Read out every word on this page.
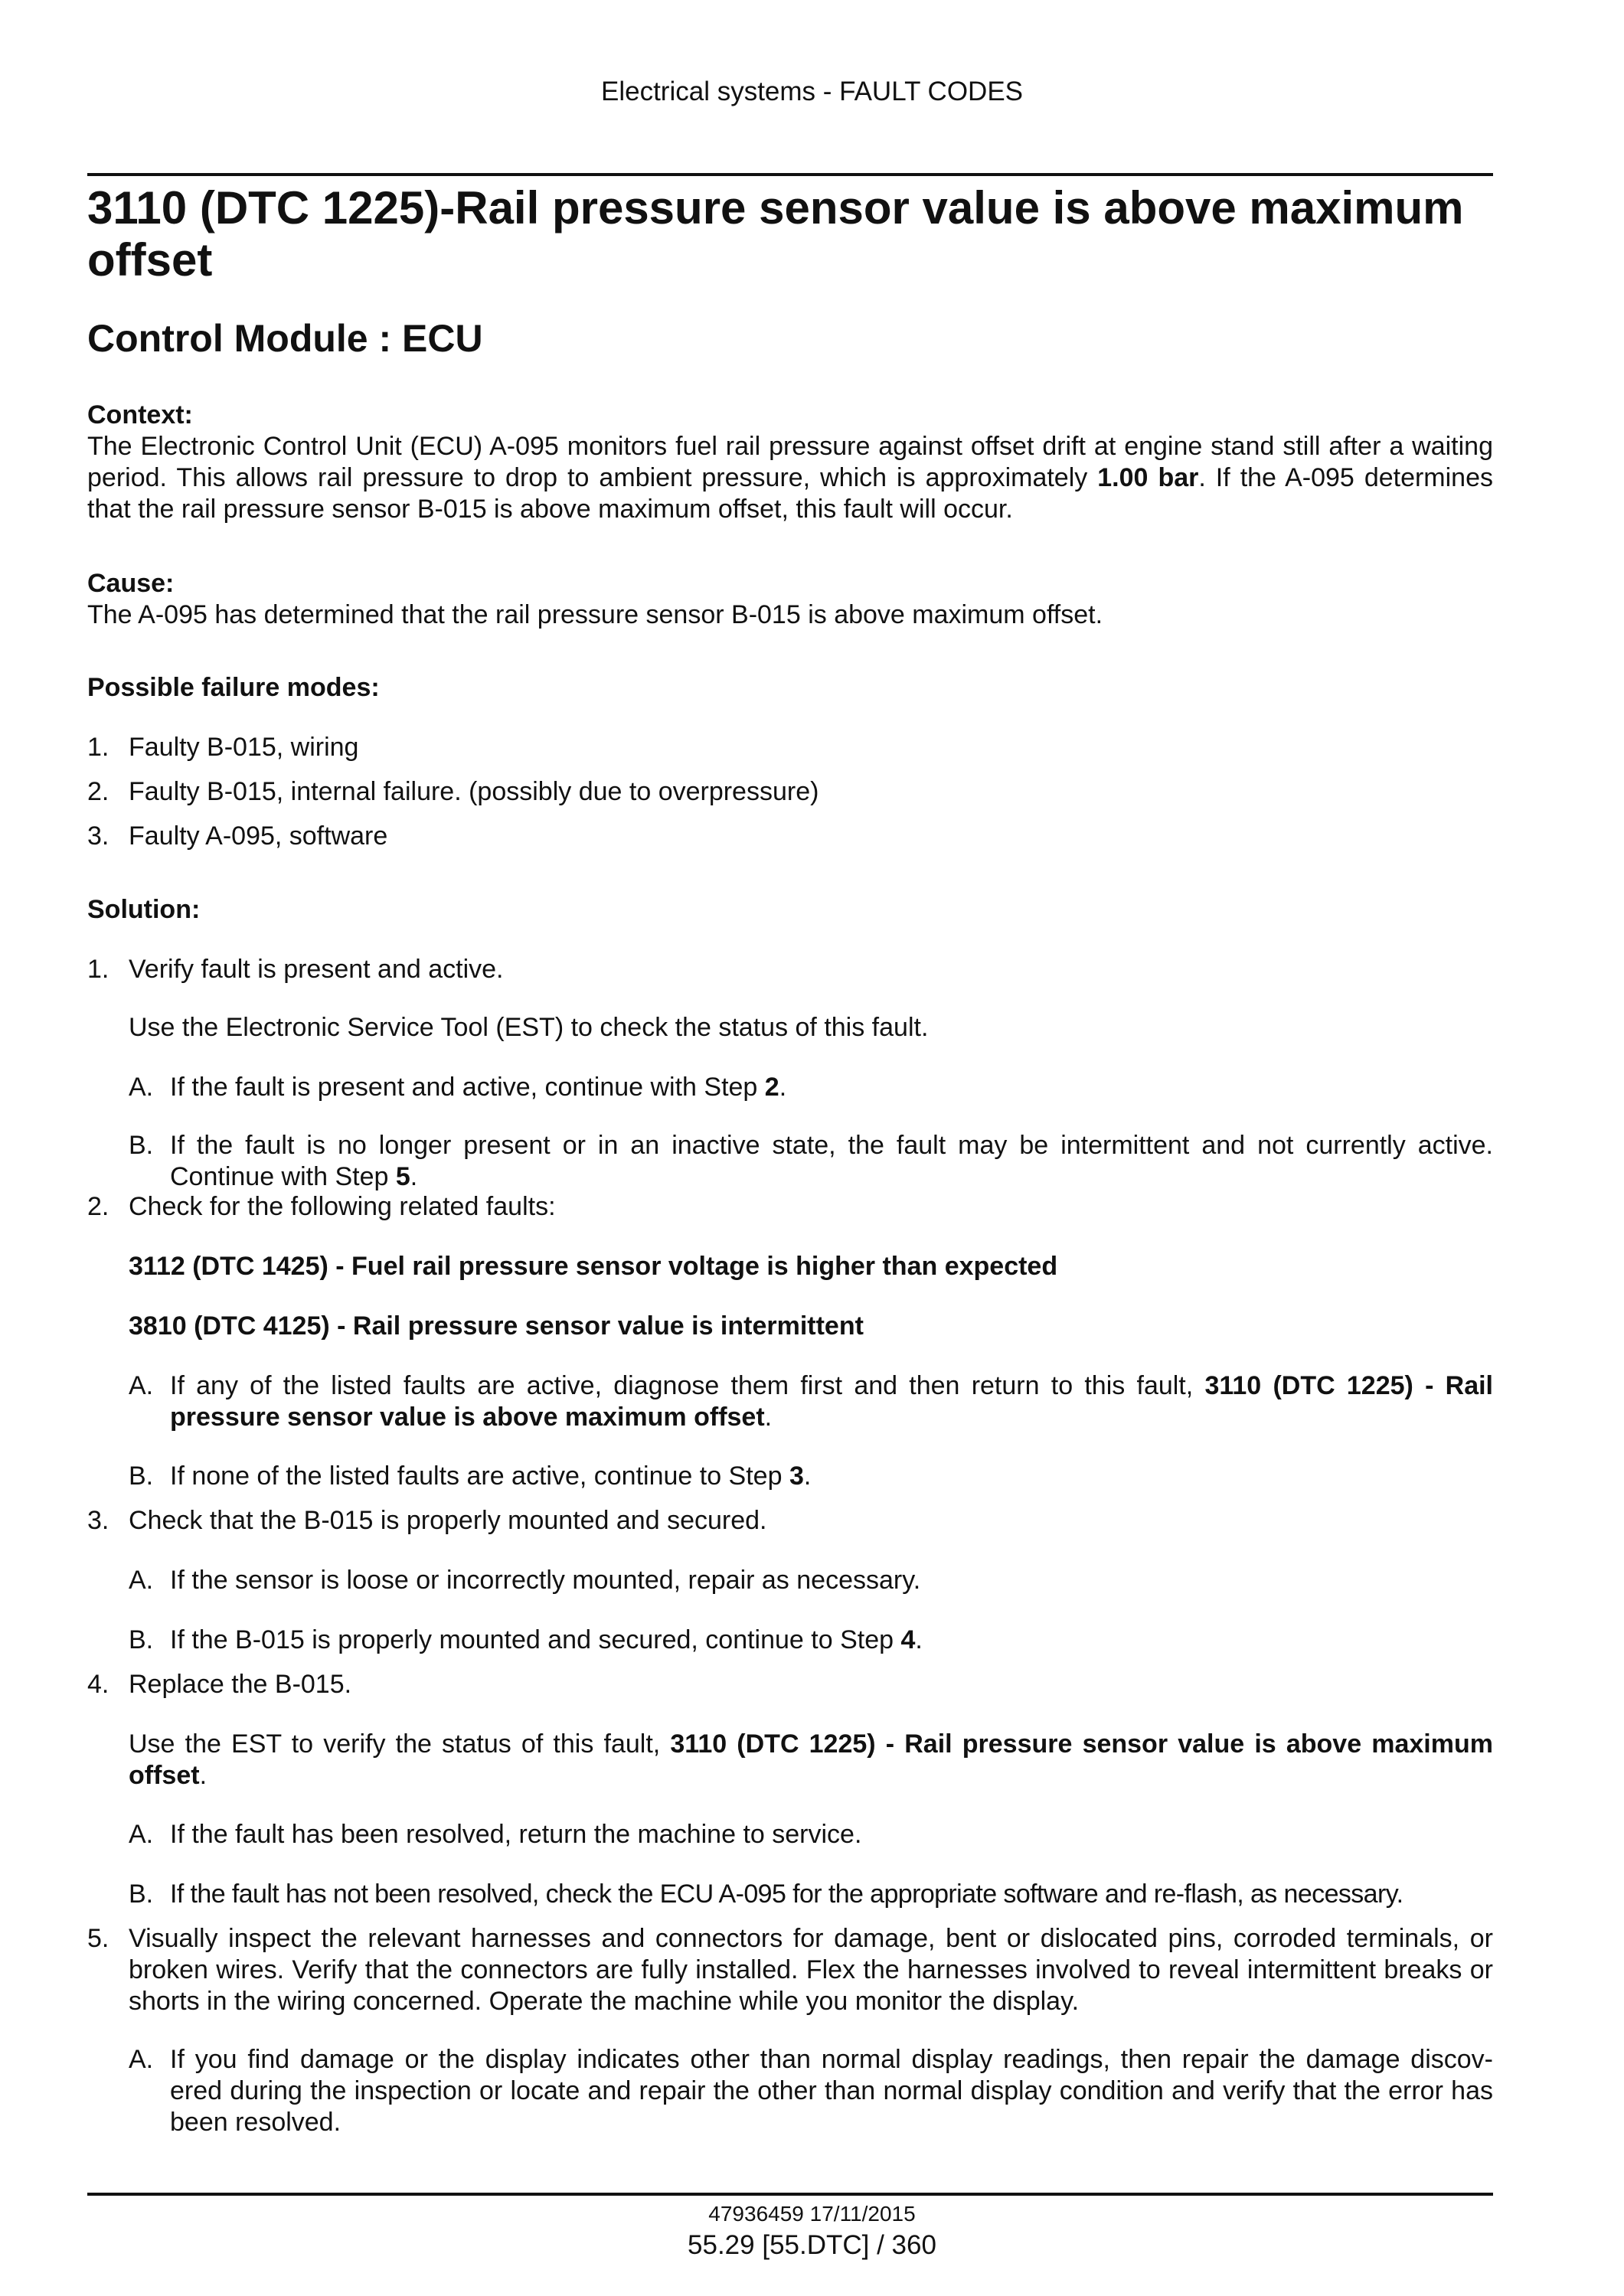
Electrical systems - FAULT CODES
3110 (DTC 1225)-Rail pressure sensor value is above maximum offset
Control Module : ECU

Context:

The Electronic Control Unit (ECU) A-095 monitors fuel rail pressure against offset drift at engine stand still after a waiting period. This allows rail pressure to drop to ambient pressure, which is approximately 1.00 bar. If the A-095 determines that the rail pressure sensor B-015 is above maximum offset, this fault will occur.

Cause:

The A-095 has determined that the rail pressure sensor B-015 is above maximum offset.

Possible failure modes:

1. Faulty B-015, wiring
2. Faulty B-015, internal failure. (possibly due to overpressure)
3. Faulty A-095, software

Solution:

1. Verify fault is present and active.
Use the Electronic Service Tool (EST) to check the status of this fault.
A. If the fault is present and active, continue with Step 2.
B. If the fault is no longer present or in an inactive state, the fault may be intermittent and not currently active. Continue with Step 5.
2. Check for the following related faults:
3112 (DTC 1425) - Fuel rail pressure sensor voltage is higher than expected
3810 (DTC 4125) - Rail pressure sensor value is intermittent
A. If any of the listed faults are active, diagnose them first and then return to this fault, 3110 (DTC 1225) - Rail pressure sensor value is above maximum offset.
B. If none of the listed faults are active, continue to Step 3.
3. Check that the B-015 is properly mounted and secured.
A. If the sensor is loose or incorrectly mounted, repair as necessary.
B. If the B-015 is properly mounted and secured, continue to Step 4.
4. Replace the B-015.
Use the EST to verify the status of this fault, 3110 (DTC 1225) - Rail pressure sensor value is above maximum offset.
A. If the fault has been resolved, return the machine to service.
B. If the fault has not been resolved, check the ECU A-095 for the appropriate software and re-flash, as necessary.
5. Visually inspect the relevant harnesses and connectors for damage, bent or dislocated pins, corroded terminals, or broken wires. Verify that the connectors are fully installed. Flex the harnesses involved to reveal intermittent breaks or shorts in the wiring concerned. Operate the machine while you monitor the display.
A. If you find damage or the display indicates other than normal display readings, then repair the damage discov- ered during the inspection or locate and repair the other than normal display condition and verify that the error has been resolved.
47936459 17/11/2015
55.29 [55.DTC] / 360
